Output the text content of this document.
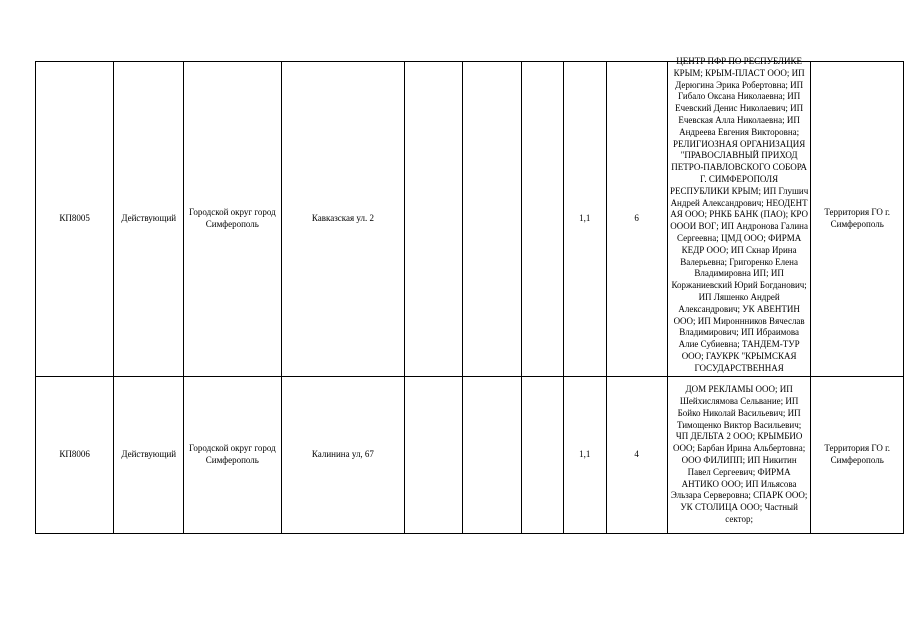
КП8005	Действующий	Городской округ город Симферополь	Кавказская ул. 2				1,1	6	ЦЕНТР ПФР ПО РЕСПУБЛИКЕ КРЫМ; КРЫМ-ПЛАСТ ООО; ИП Дерюгина Эрика Робертовна; ИП Гибало Оксана Николаевна; ИП Ечевский Денис Николаевич; ИП Ечевская Алла Николаевна; ИП Андреева Евгения Викторовна; РЕЛИГИОЗНАЯ ОРГАНИЗАЦИЯ "ПРАВОСЛАВНЫЙ ПРИХОД ПЕТРО-ПАВЛОВСКОГО СОБОРА Г. СИМФЕРОПОЛЯ РЕСПУБЛИКИ КРЫМ; ИП Глушич Андрей Александрович; НЕОДЕНТ АЯ ООО; РНКБ БАНК (ПАО); КРО ОООИ ВОГ; ИП Андронова Галина Сергеевна; ЦМД ООО; ФИРМА КЕДР ООО; ИП Скнар Ирина Валерьевна; Григоренко Елена Владимировна ИП; ИП Коржаниевский Юрий Богданович; ИП Ляшенко Андрей Александрович; УК АВЕНТИН ООО; ИП Мироннников Вячеслав Владимирович; ИП Ибраимова Алие Субиевна; ТАНДЕМ-ТУР ООО; ГАУКРК "КРЫМСКАЯ ГОСУДАРСТВЕННАЯ	Территория ГО г. Симферополь
КП8006	Действующий	Городской округ город Симферополь	Калинина ул, 67				1,1	4	ДОМ РЕКЛАМЫ ООО; ИП Шейхислямова Сельвание; ИП Бойко Николай Васильевич; ИП Тимощенко Виктор Васильевич; ЧП ДЕЛЬТА 2 ООО; КРЫМБИО ООО; Барбан Ирина Альбертовна; ООО ФИЛИПП; ИП Никитин Павел Сергеевич; ФИРМА АНТИКО ООО; ИП Ильясова Эльзара Серверовна; СПАРК ООО; УК СТОЛИЦА ООО; Частный сектор;	Территория ГО г. Симферополь
